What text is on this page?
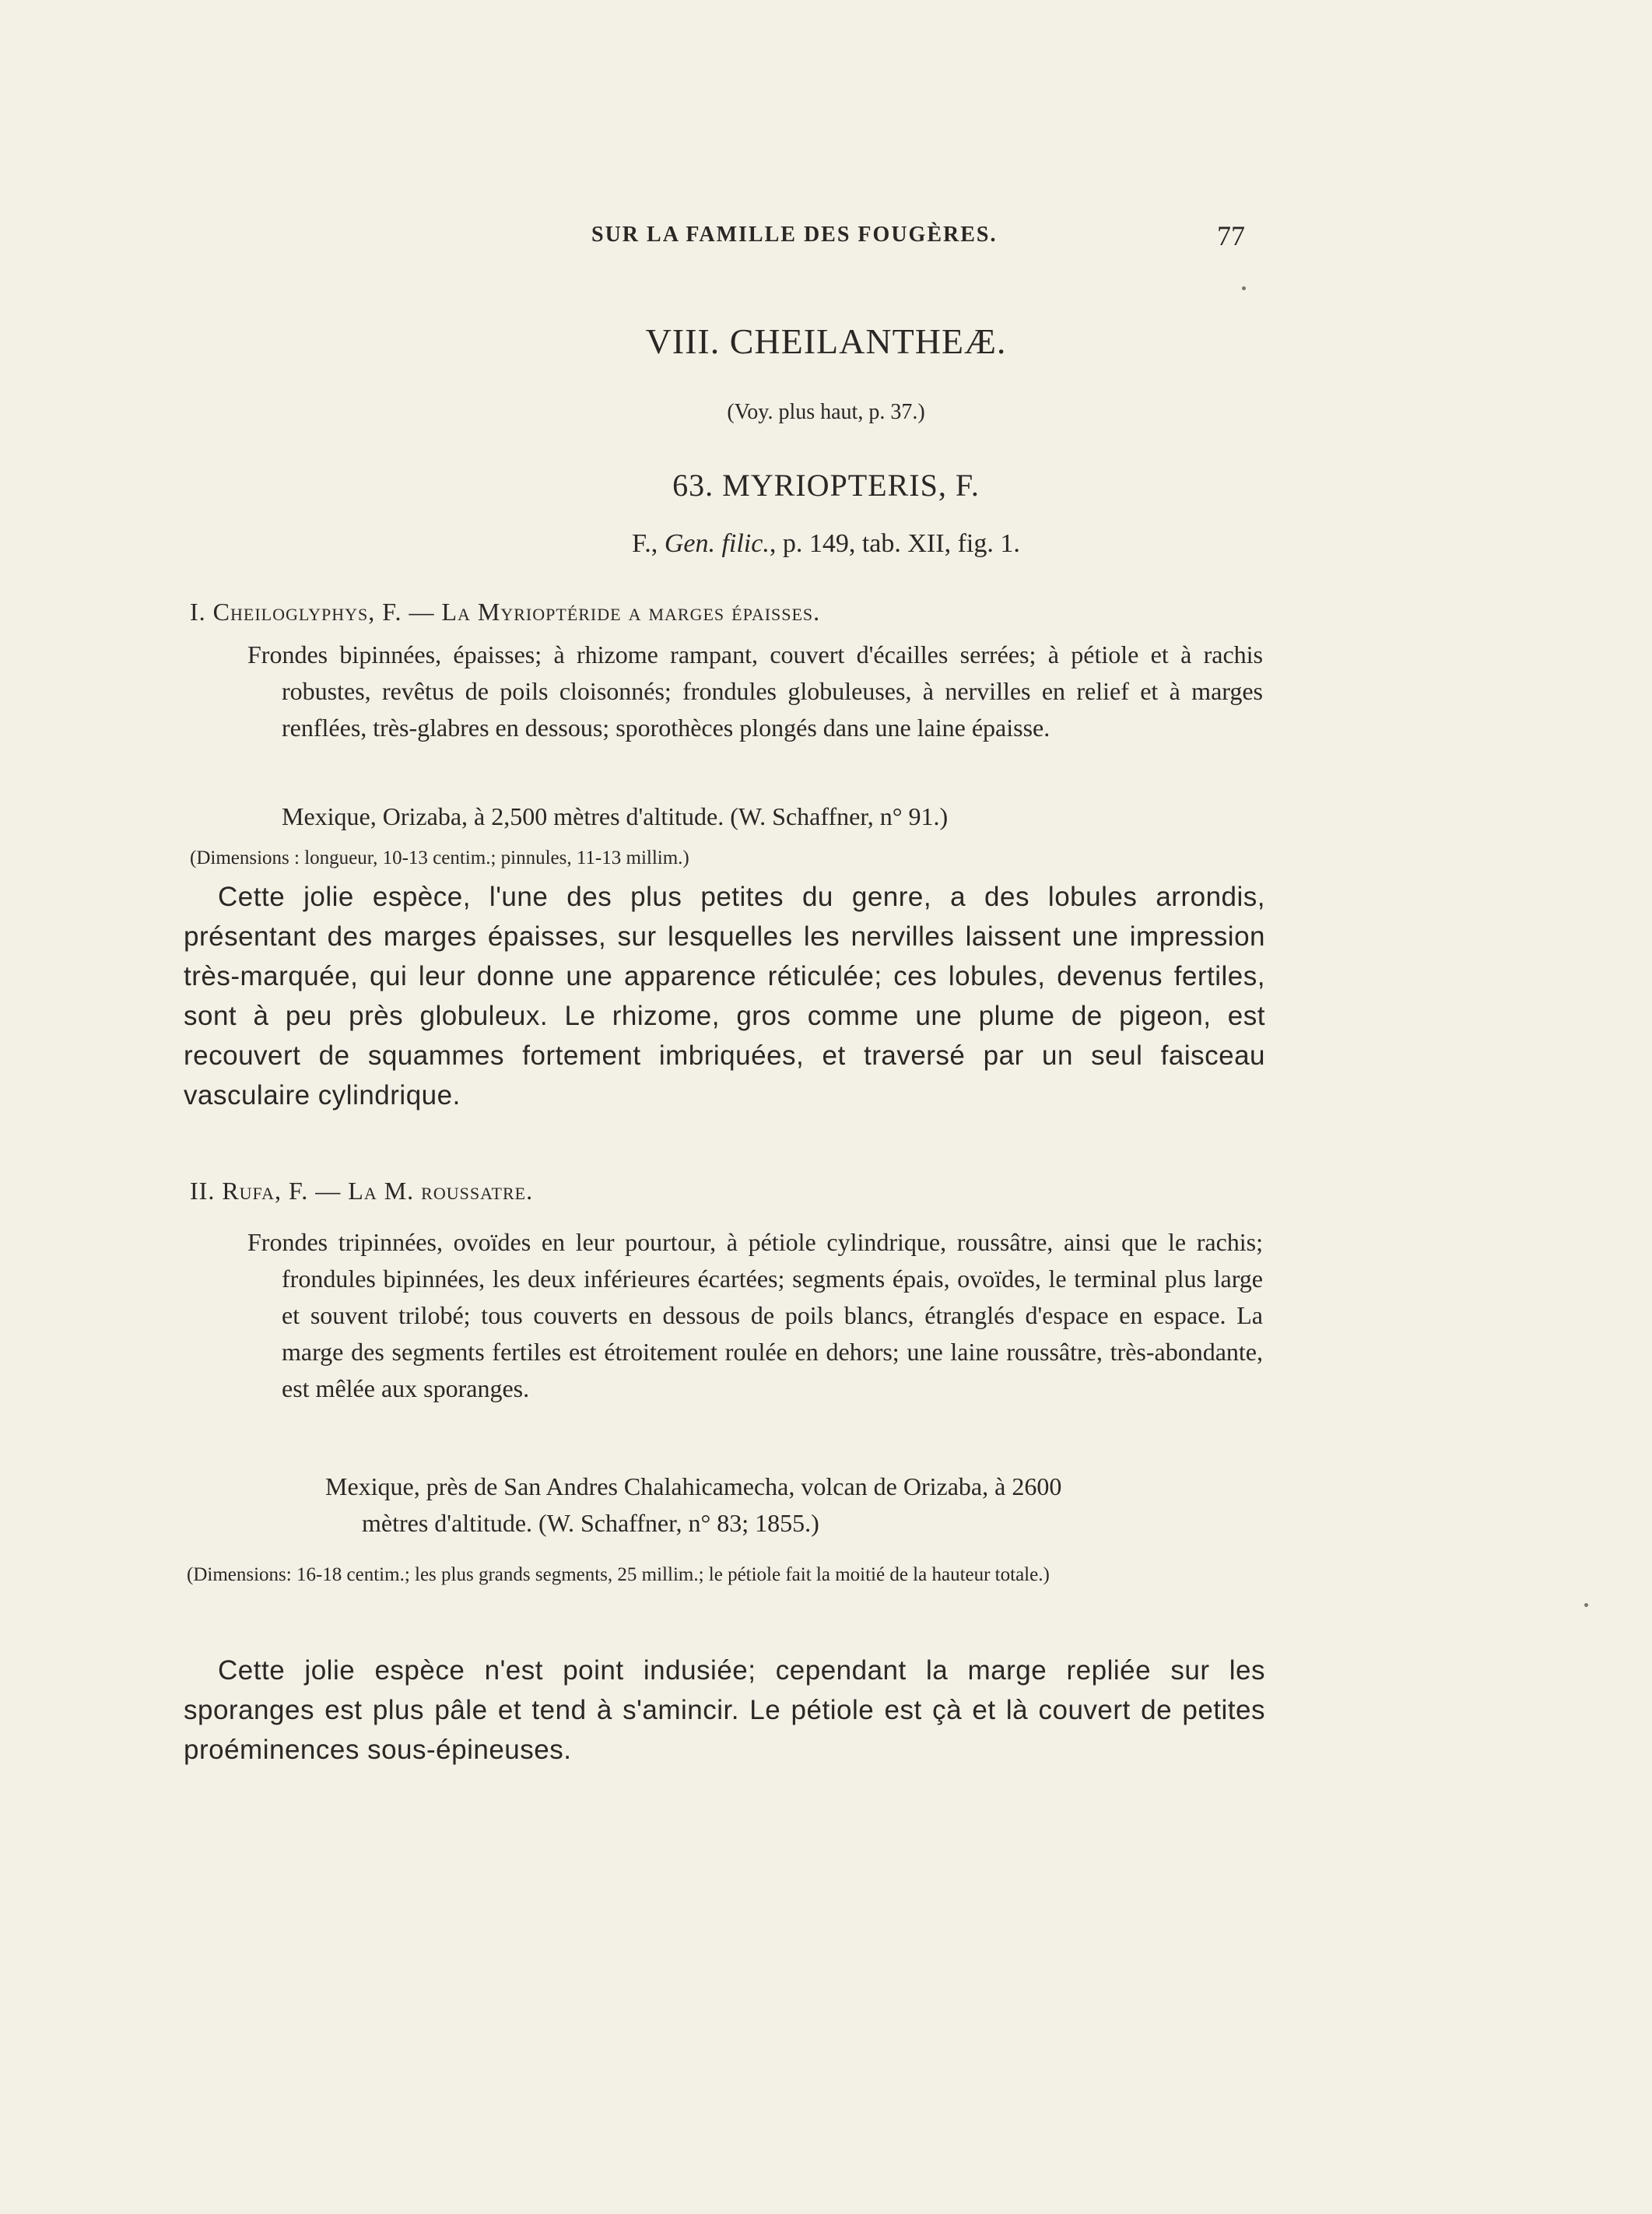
SUR LA FAMILLE DES FOUGÈRES.	77
VIII. CHEILANTHEÆ.
(Voy. plus haut, p. 37.)
63. MYRIOPTERIS, F.
F., Gen. filic., p. 149, tab. XII, fig. 1.
I. Cheiloglyphys, F. — La Myrioptéride a marges épaisses.
Frondes bipinnées, épaisses; à rhizome rampant, couvert d'écailles serrées; à pétiole et à rachis robustes, revêtus de poils cloisonnés; frondules globuleuses, à nervilles en relief et à marges renflées, très-glabres en dessous; sporothèces plongés dans une laine épaisse.
Mexique, Orizaba, à 2,500 mètres d'altitude. (W. Schaffner, n° 91.)
(Dimensions : longueur, 10-13 centim.; pinnules, 11-13 millim.)
Cette jolie espèce, l'une des plus petites du genre, a des lobules arrondis, présentant des marges épaisses, sur lesquelles les nervilles laissent une impression très-marquée, qui leur donne une apparence réticulée; ces lobules, devenus fertiles, sont à peu près globuleux. Le rhizome, gros comme une plume de pigeon, est recouvert de squammes fortement imbriquées, et traversé par un seul faisceau vasculaire cylindrique.
II. Rufa, F. — La M. roussatre.
Frondes tripinnées, ovoïdes en leur pourtour, à pétiole cylindrique, roussâtre, ainsi que le rachis; frondules bipinnées, les deux inférieures écartées; segments épais, ovoïdes, le terminal plus large et souvent trilobé; tous couverts en dessous de poils blancs, étranglés d'espace en espace. La marge des segments fertiles est étroitement roulée en dehors; une laine roussâtre, très-abondante, est mêlée aux sporanges.
Mexique, près de San Andres Chalahicamecha, volcan de Orizaba, à 2600
mètres d'altitude. (W. Schaffner, n° 83; 1855.)
(Dimensions: 16-18 centim.; les plus grands segments, 25 millim.; le pétiole fait la moitié de la hauteur totale.)
Cette jolie espèce n'est point indusiée; cependant la marge repliée sur les sporanges est plus pâle et tend à s'amincir. Le pétiole est çà et là couvert de petites proéminences sous-épineuses.
